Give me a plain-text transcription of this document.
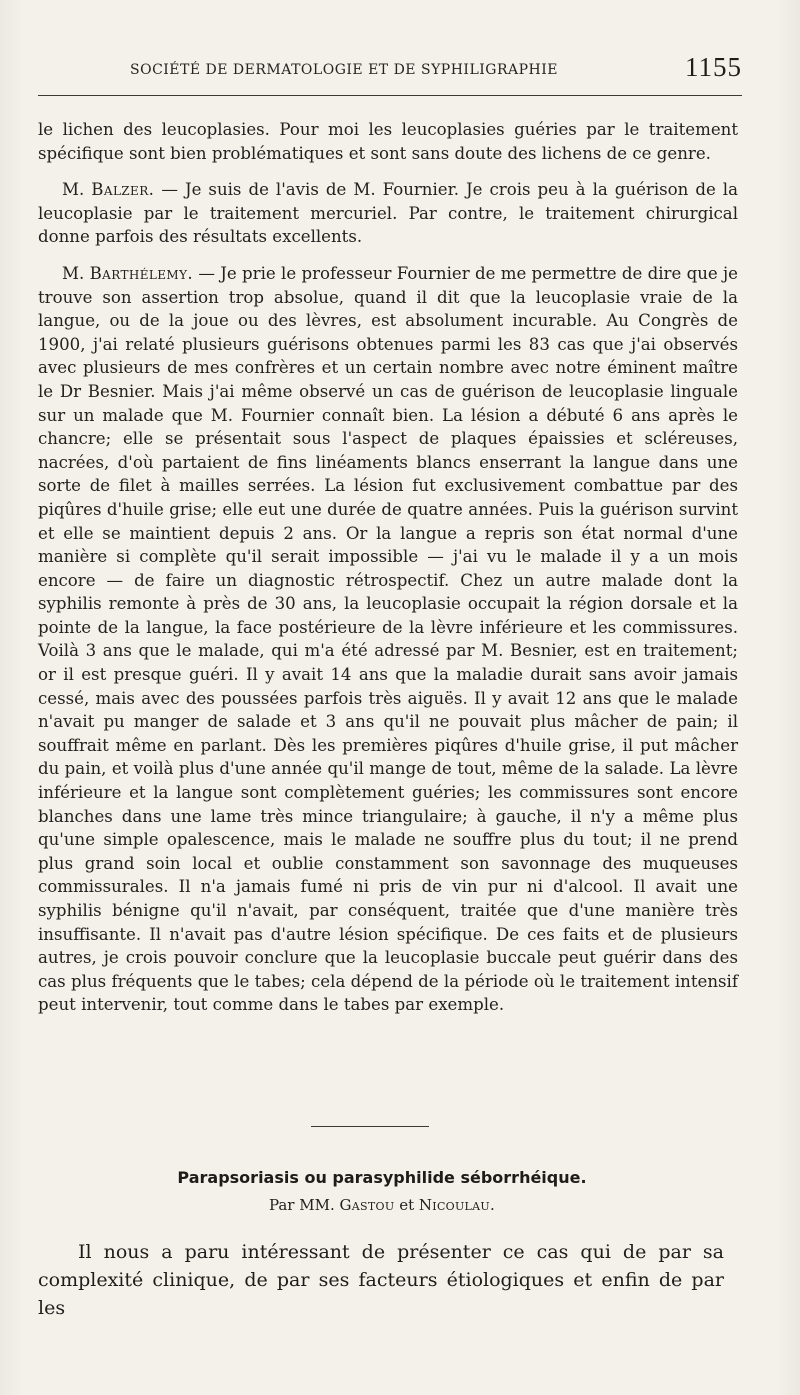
SOCIÉTÉ DE DERMATOLOGIE ET DE SYPHILIGRAPHIE	1155

le lichen des leucoplasies. Pour moi les leucoplasies guéries par le traitement spécifique sont bien problématiques et sont sans doute des lichens de ce genre.

M. Balzer. — Je suis de l'avis de M. Fournier. Je crois peu à la guérison de la leucoplasie par le traitement mercuriel. Par contre, le traitement chirurgical donne parfois des résultats excellents.

M. Barthélemy. — Je prie le professeur Fournier de me permettre de dire que je trouve son assertion trop absolue, quand il dit que la leucoplasie vraie de la langue, ou de la joue ou des lèvres, est absolument incurable. Au Congrès de 1900, j'ai relaté plusieurs guérisons obtenues parmi les 83 cas que j'ai observés avec plusieurs de mes confrères et un certain nombre avec notre éminent maître le Dr Besnier. Mais j'ai même observé un cas de guérison de leucoplasie linguale sur un malade que M. Fournier connaît bien. La lésion a débuté 6 ans après le chancre; elle se présentait sous l'aspect de plaques épaissies et scléreuses, nacrées, d'où partaient de fins linéaments blancs enserrant la langue dans une sorte de filet à mailles serrées. La lésion fut exclusivement combattue par des piqûres d'huile grise; elle eut une durée de quatre années. Puis la guérison survint et elle se maintient depuis 2 ans. Or la langue a repris son état normal d'une manière si complète qu'il serait impossible — j'ai vu le malade il y a un mois encore — de faire un diagnostic rétrospectif. Chez un autre malade dont la syphilis remonte à près de 30 ans, la leucoplasie occupait la région dorsale et la pointe de la langue, la face postérieure de la lèvre inférieure et les commissures. Voilà 3 ans que le malade, qui m'a été adressé par M. Besnier, est en traitement; or il est presque guéri. Il y avait 14 ans que la maladie durait sans avoir jamais cessé, mais avec des poussées parfois très aiguës. Il y avait 12 ans que le malade n'avait pu manger de salade et 3 ans qu'il ne pouvait plus mâcher de pain; il souffrait même en parlant. Dès les premières piqûres d'huile grise, il put mâcher du pain, et voilà plus d'une année qu'il mange de tout, même de la salade. La lèvre inférieure et la langue sont complètement guéries; les commissures sont encore blanches dans une lame très mince triangulaire; à gauche, il n'y a même plus qu'une simple opalescence, mais le malade ne souffre plus du tout; il ne prend plus grand soin local et oublie constamment son savonnage des muqueuses commissurales. Il n'a jamais fumé ni pris de vin pur ni d'alcool. Il avait une syphilis bénigne qu'il n'avait, par conséquent, traitée que d'une manière très insuffisante. Il n'avait pas d'autre lésion spécifique. De ces faits et de plusieurs autres, je crois pouvoir conclure que la leucoplasie buccale peut guérir dans des cas plus fréquents que le tabes; cela dépend de la période où le traitement intensif peut intervenir, tout comme dans le tabes par exemple.

Parapsoriasis ou parasyphilide séborrhéique.
Par MM. Gastou et Nicoulau.
Il nous a paru intéressant de présenter ce cas qui de par sa complexité clinique, de par ses facteurs étiologiques et enfin de par les
